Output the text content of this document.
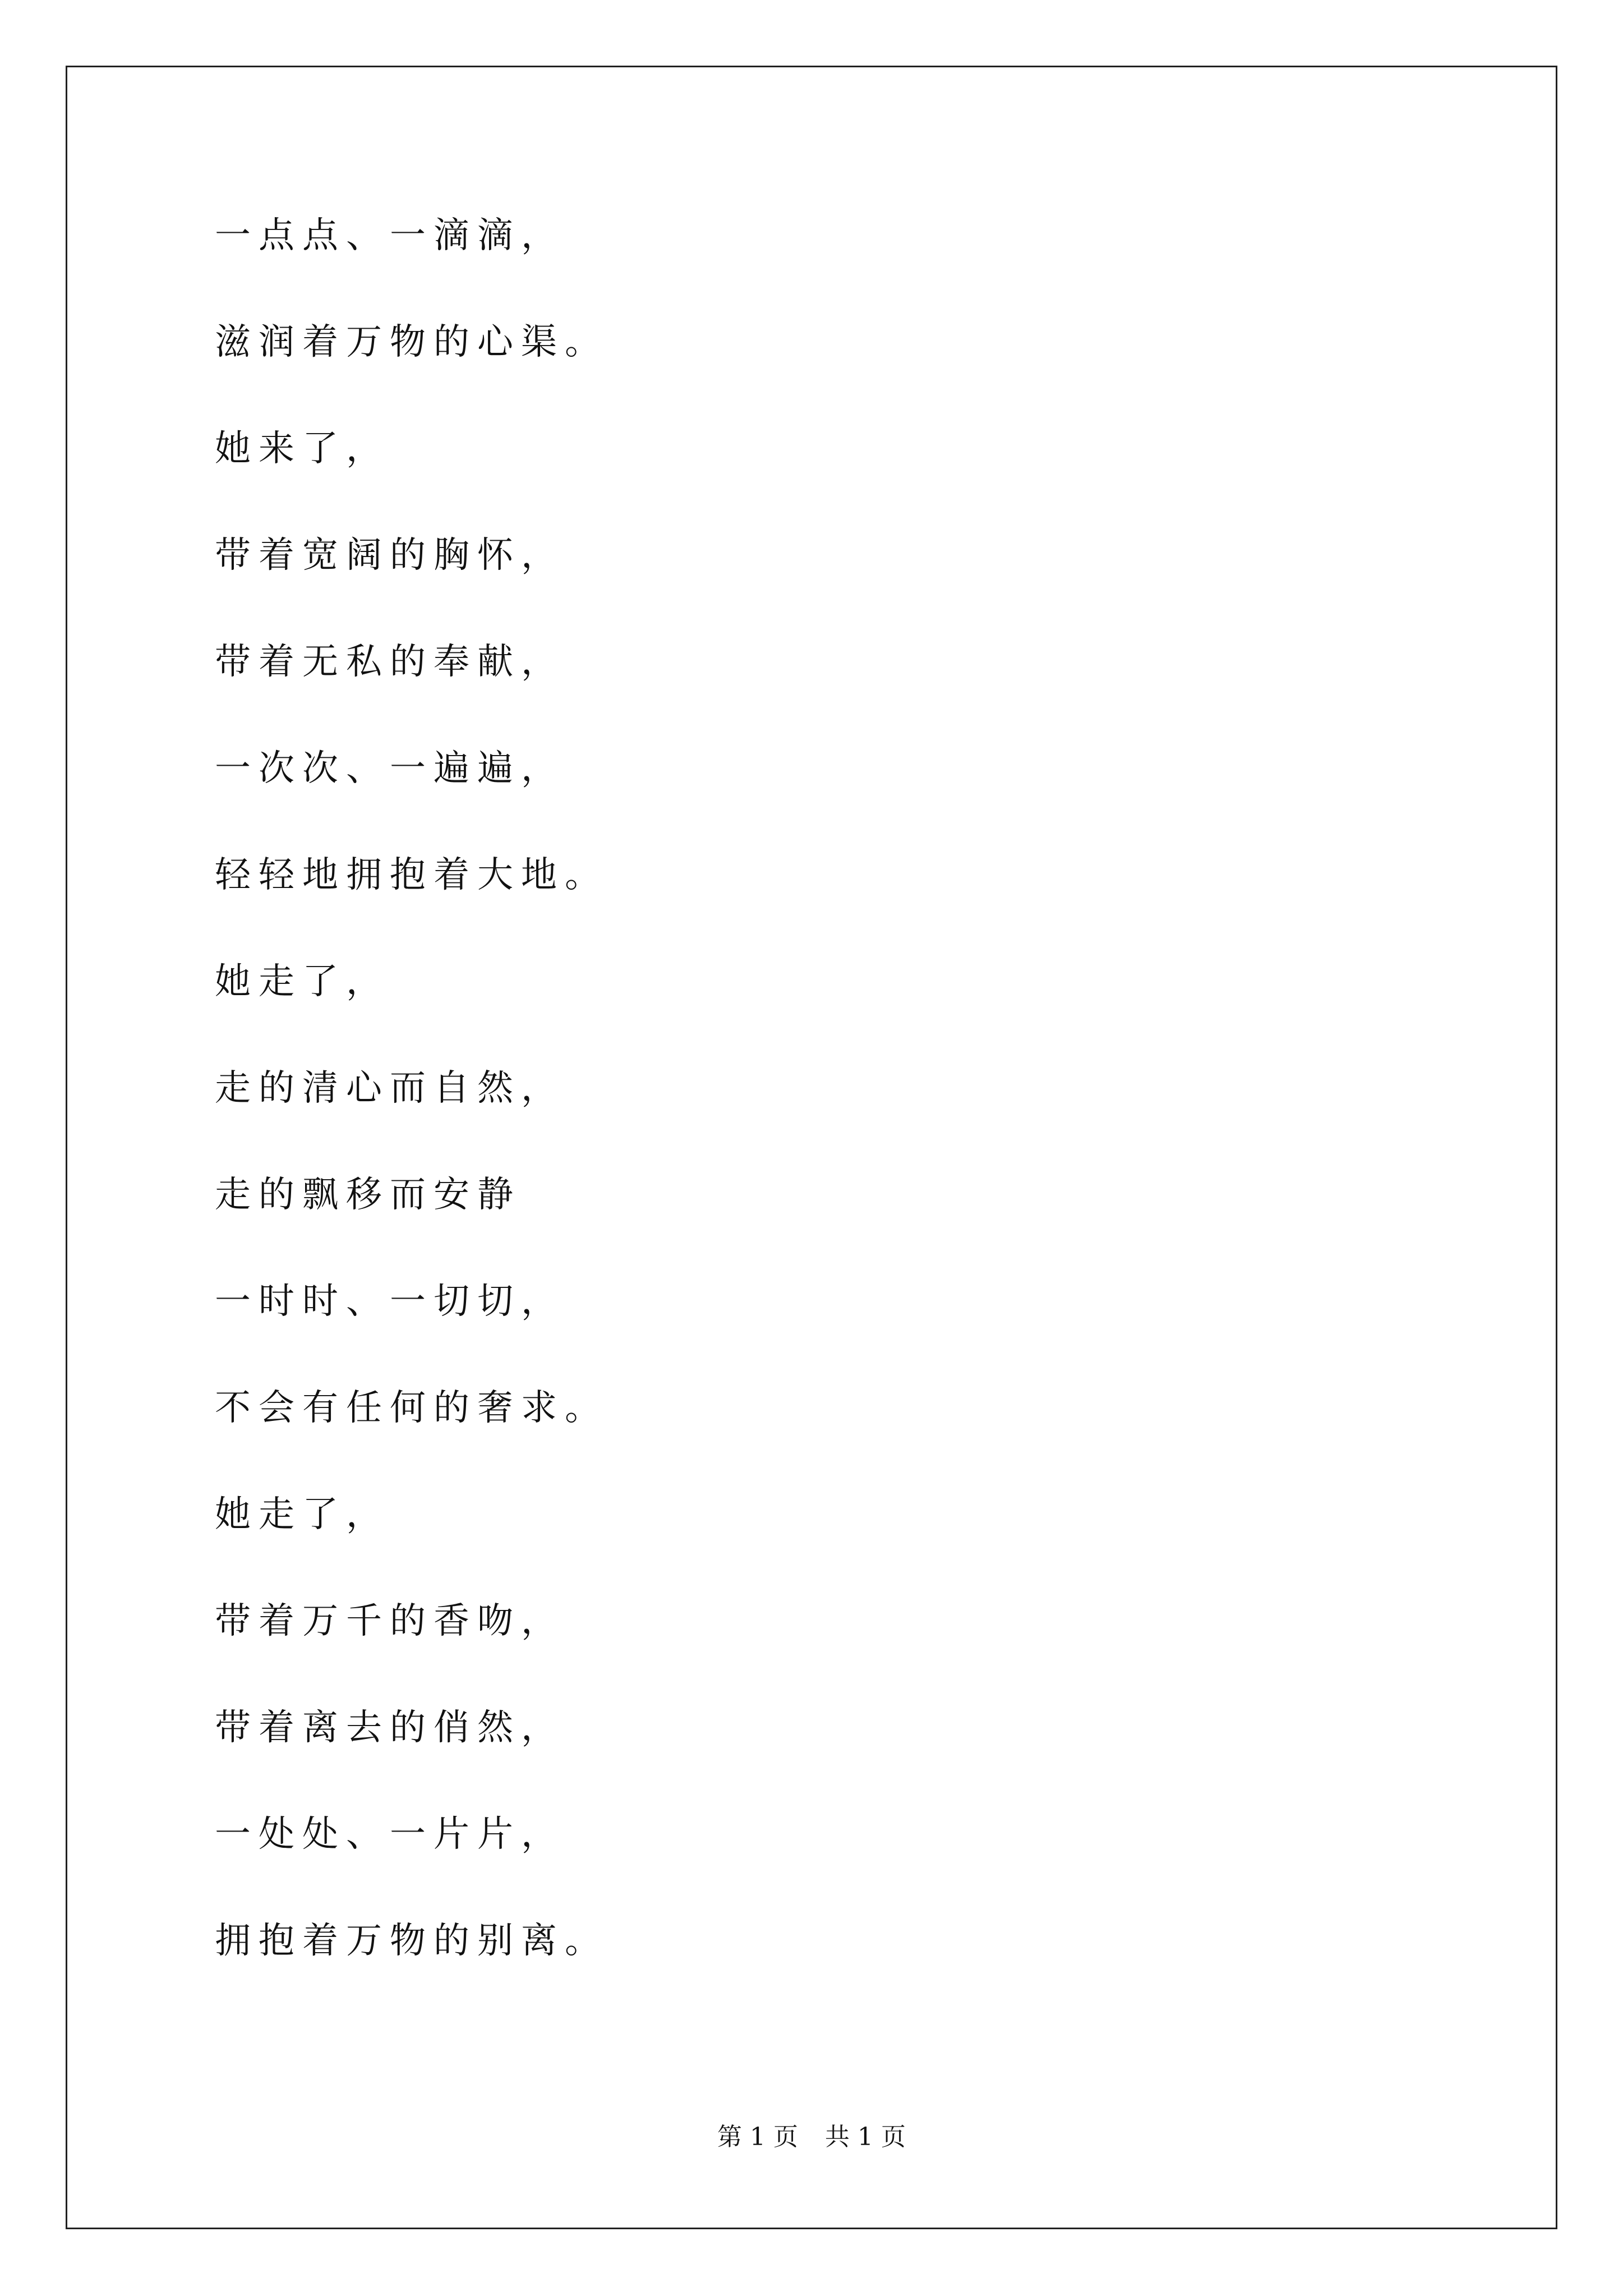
一点点、一滴滴，
滋润着万物的心渠。
她来了，
带着宽阔的胸怀，
带着无私的奉献，
一次次、一遍遍，
轻轻地拥抱着大地。
她走了，
走的清心而自然，
走的飘移而安静
一时时、一切切，
不会有任何的奢求。
她走了，
带着万千的香吻，
带着离去的俏然，
一处处、一片片，
拥抱着万物的别离。
第 1 页 共 1 页
